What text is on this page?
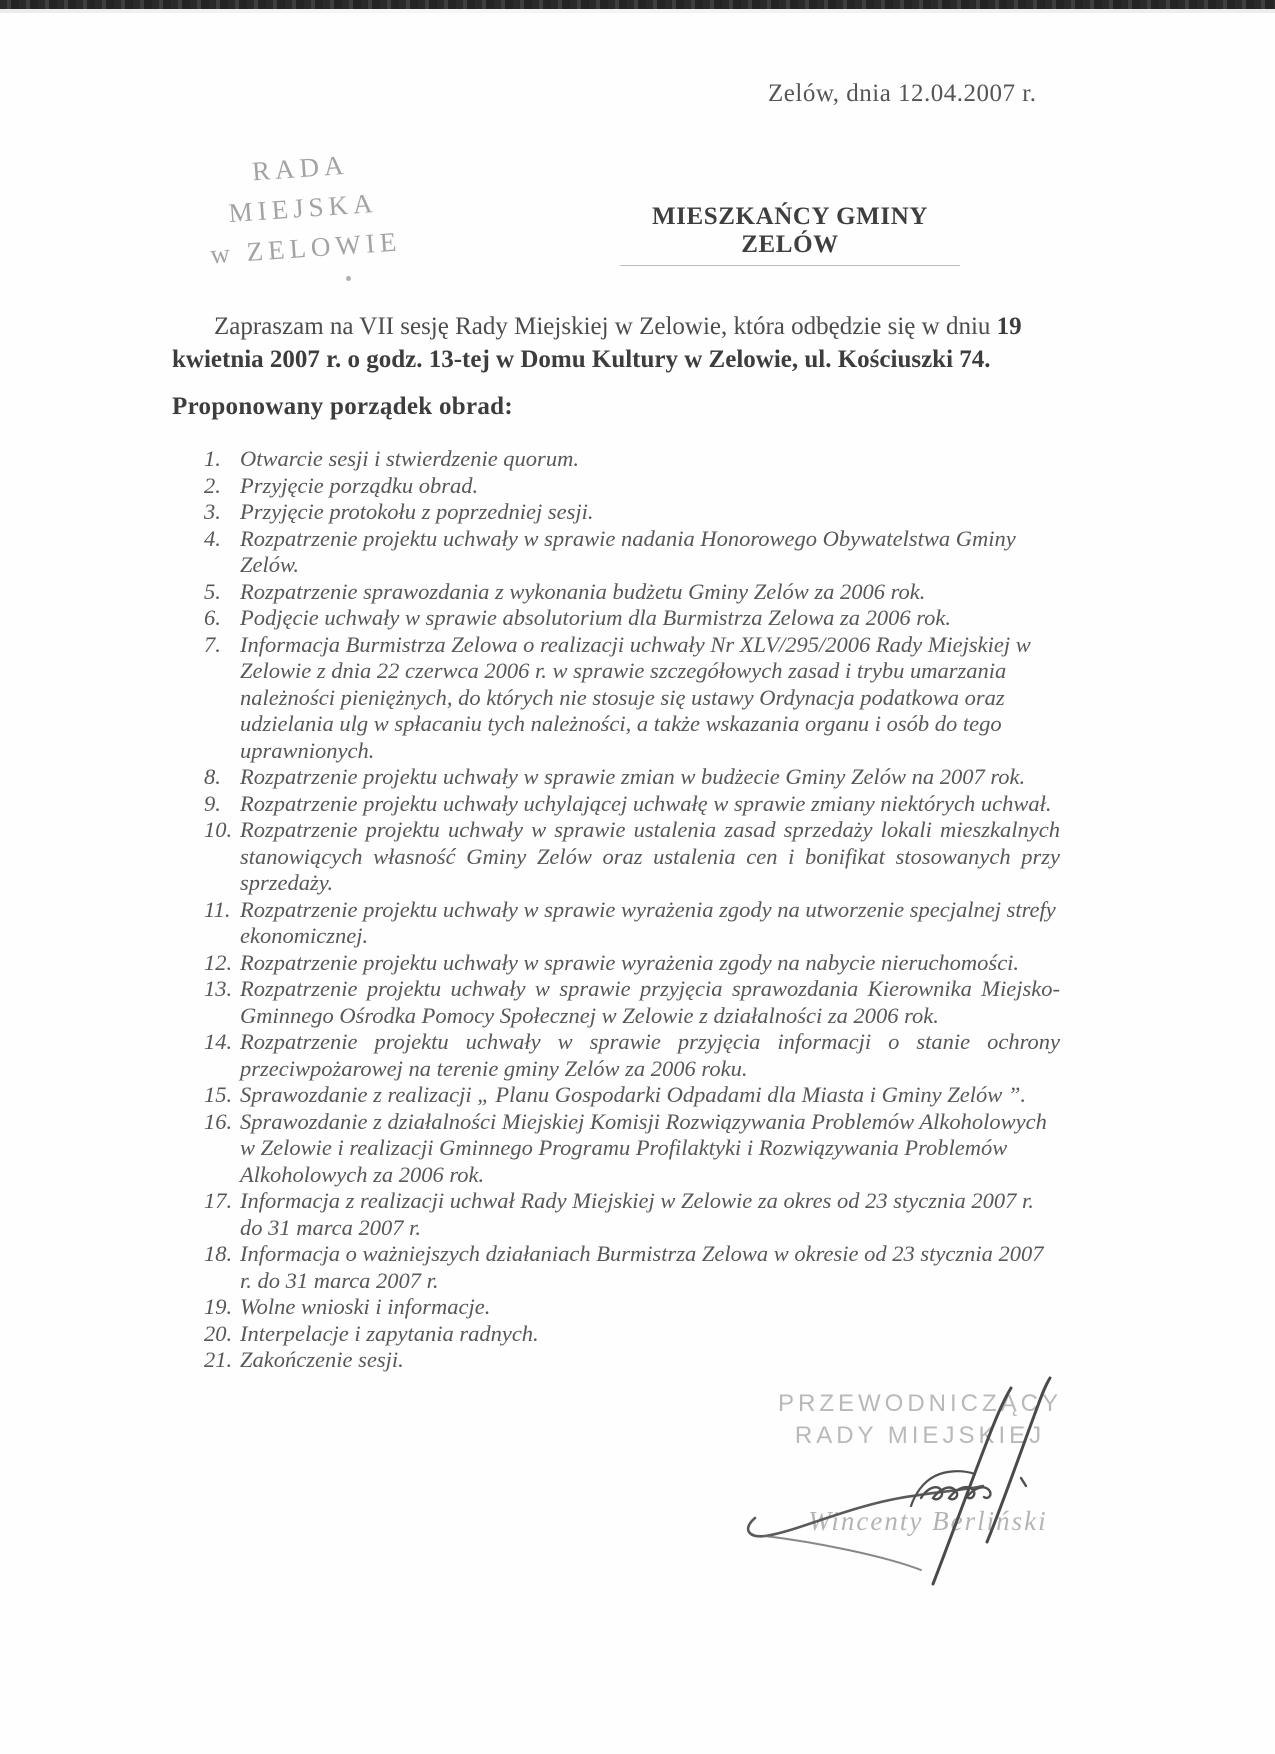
Zelów, dnia 12.04.2007 r.
RADA MIEJSKA
w ZELOWIE
MIESZKAŃCY GMINY ZELÓW
Zapraszam na VII sesję Rady Miejskiej w Zelowie, która odbędzie się w dniu 19 kwietnia 2007 r. o godz. 13-tej w Domu Kultury w Zelowie, ul. Kościuszki 74.
Proponowany porządek obrad:
1. Otwarcie sesji i stwierdzenie quorum.
2. Przyjęcie porządku obrad.
3. Przyjęcie protokołu z poprzedniej sesji.
4. Rozpatrzenie projektu uchwały w sprawie nadania Honorowego Obywatelstwa Gminy Zelów.
5. Rozpatrzenie sprawozdania z wykonania budżetu Gminy Zelów za 2006 rok.
6. Podjęcie uchwały w sprawie absolutorium dla Burmistrza Zelowa za 2006 rok.
7. Informacja Burmistrza Zelowa o realizacji uchwały Nr XLV/295/2006 Rady Miejskiej w Zelowie z dnia 22 czerwca 2006 r. w sprawie szczegółowych zasad i trybu umarzania należności pieniężnych, do których nie stosuje się ustawy Ordynacja podatkowa oraz udzielania ulg w spłacaniu tych należności, a także wskazania organu i osób do tego uprawnionych.
8. Rozpatrzenie projektu uchwały w sprawie zmian w budżecie Gminy Zelów na 2007 rok.
9. Rozpatrzenie projektu uchwały uchylającej uchwałę w sprawie zmiany niektórych uchwał.
10. Rozpatrzenie projektu uchwały w sprawie ustalenia zasad sprzedaży lokali mieszkalnych stanowiących własność Gminy Zelów oraz ustalenia cen i bonifikat stosowanych przy sprzedaży.
11. Rozpatrzenie projektu uchwały w sprawie wyrażenia zgody na utworzenie specjalnej strefy ekonomicznej.
12. Rozpatrzenie projektu uchwały w sprawie wyrażenia zgody na nabycie nieruchomości.
13. Rozpatrzenie projektu uchwały w sprawie przyjęcia sprawozdania Kierownika Miejsko-Gminnego Ośrodka Pomocy Społecznej w Zelowie z działalności za 2006 rok.
14. Rozpatrzenie projektu uchwały w sprawie przyjęcia informacji o stanie ochrony przeciwpożarowej na terenie gminy Zelów za 2006 roku.
15. Sprawozdanie z realizacji „ Planu Gospodarki Odpadami dla Miasta i Gminy Zelów ”.
16. Sprawozdanie z działalności Miejskiej Komisji Rozwiązywania Problemów Alkoholowych w Zelowie i realizacji Gminnego Programu Profilaktyki i Rozwiązywania Problemów Alkoholowych za 2006 rok.
17. Informacja z realizacji uchwał Rady Miejskiej w Zelowie za okres od 23 stycznia 2007 r. do 31 marca 2007 r.
18. Informacja o ważniejszych działaniach Burmistrza Zelowa w okresie od 23 stycznia 2007 r. do 31 marca 2007 r.
19. Wolne wnioski i informacje.
20. Interpelacje i zapytania radnych.
21. Zakończenie sesji.
PRZEWODNICZĄCY
RADY MIEJSKIEJ
Wincenty Berliński
